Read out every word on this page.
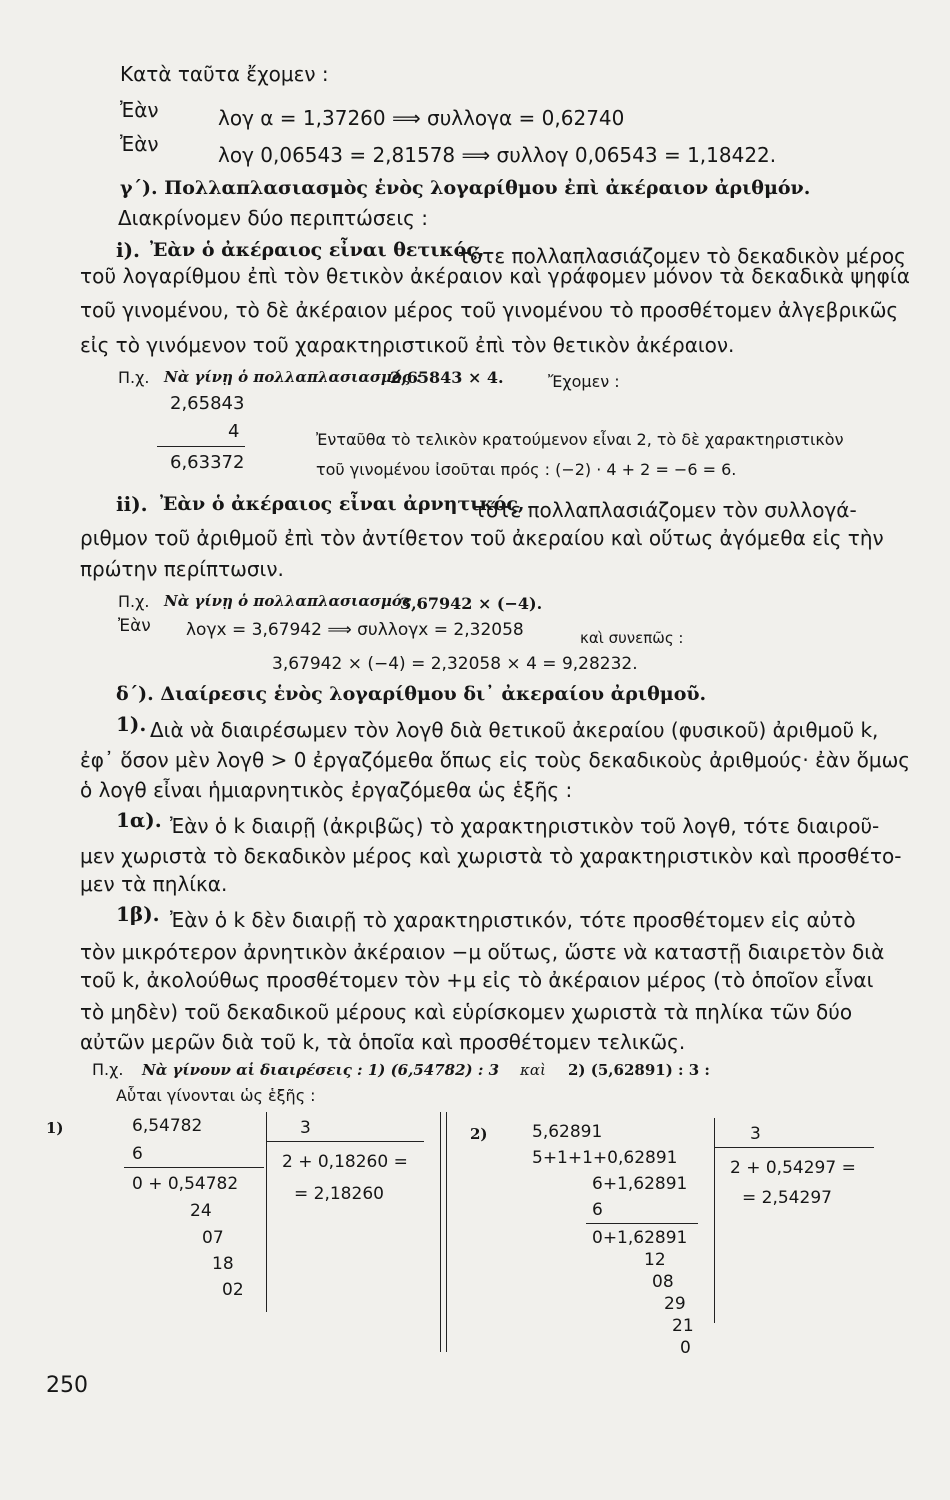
Κατὰ ταῦτα ἔχομεν :
Ἐὰν	λογ α = 1,37260 ⟹ συλλογα = 0,62740
Ἐὰν	λογ 0,06543 = 2,81578 ⟹ συλλογ 0,06543 = 1,18422.
γ΄). Πολλαπλασιασμὸς ἑνὸς λογαρίθμου ἐπὶ ἀκέραιον ἀριθμόν.
Διακρίνομεν δύο περιπτώσεις :
i). Ἐὰν ὁ ἀκέραιος εἶναι θετικός,
τότε πολλαπλασιάζομεν τὸ δεκαδικὸν μέρος
τοῦ λογαρίθμου ἐπὶ τὸν θετικὸν ἀκέραιον καὶ γράφομεν μόνον τὰ δεκαδικὰ ψηφία
τοῦ γινομένου, τὸ δὲ ἀκέραιον μέρος τοῦ γινομένου τὸ προσθέτομεν ἀλγεβρικῶς
εἰς τὸ γινόμενον τοῦ χαρακτηριστικοῦ ἐπὶ τὸν θετικὸν ἀκέραιον.
Π.χ. Νὰ γίνῃ ὁ πολλαπλασιασμός :
2,65843 × 4.	Ἔχομεν :
2,65843
4
6,63372
Ἐνταῦθα τὸ τελικὸν κρατούμενον εἶναι 2, τὸ δὲ χαρακτηριστικὸν
τοῦ γινομένου ἰσοῦται πρός : (−2) · 4 + 2 = −6 = 6.
ii). Ἐὰν ὁ ἀκέραιος εἶναι ἀρνητικός,
τότε πολλαπλασιάζομεν τὸν συλλογά-
ριθμον τοῦ ἀριθμοῦ ἐπὶ τὸν ἀντίθετον τοῦ ἀκεραίου καὶ οὕτως ἀγόμεθα εἰς τὴν
πρώτην περίπτωσιν.
Π.χ. Νὰ γίνῃ ὁ πολλαπλασιασμός :
3,67942 × (−4).
Ἐὰν λογx = 3,67942 ⟹ συλλογx = 2,32058	καὶ συνεπῶς :
3,67942 × (−4) = 2,32058 × 4 = 9,28232.
δ΄). Διαίρεσις ἑνὸς λογαρίθμου δι᾽ ἀκεραίου ἀριθμοῦ.
1). Διὰ νὰ διαιρέσωμεν τὸν λογθ διὰ θετικοῦ ἀκεραίου (φυσικοῦ) ἀριθμοῦ k,
ἐφ᾽ ὅσον μὲν λογθ > 0 ἐργαζόμεθα ὅπως εἰς τοὺς δεκαδικοὺς ἀριθμούς· ἐὰν ὅμως
ὁ λογθ εἶναι ἡμιαρνητικὸς ἐργαζόμεθα ὡς ἑξῆς :
1α). Ἐὰν ὁ k διαιρῇ (ἀκριβῶς) τὸ χαρακτηριστικὸν τοῦ λογθ, τότε διαιροῦ-
μεν χωριστὰ τὸ δεκαδικὸν μέρος καὶ χωριστὰ τὸ χαρακτηριστικὸν καὶ προσθέτο-
μεν τὰ πηλίκα.
1β). Ἐὰν ὁ k δὲν διαιρῇ τὸ χαρακτηριστικόν, τότε προσθέτομεν εἰς αὐτὸ
τὸν μικρότερον ἀρνητικὸν ἀκέραιον −μ οὕτως, ὥστε νὰ καταστῇ διαιρετὸν διὰ
τοῦ k, ἀκολούθως προσθέτομεν τὸν +μ εἰς τὸ ἀκέραιον μέρος (τὸ ὁποῖον εἶναι
τὸ μηδὲν) τοῦ δεκαδικοῦ μέρους καὶ εὑρίσκομεν χωριστὰ τὰ πηλίκα τῶν δύο
αὐτῶν μερῶν διὰ τοῦ k, τὰ ὁποῖα καὶ προσθέτομεν τελικῶς.
Π.χ. Νὰ γίνουν αἱ διαιρέσεις : 1) (6,54782) : 3 καὶ 2) (5,62891) : 3 :
Αὗται γίνονται ὡς ἑξῆς :
1)	6,54782
6
0 + 0,54782
24
07
18
02
3
2 + 0,18260 =
= 2,18260
2)	5,62891
5+1+1+0,62891
6+1,62891
6
0+1,62891
12
08
29
21
0
3
2 + 0,54297 =
= 2,54297
250
